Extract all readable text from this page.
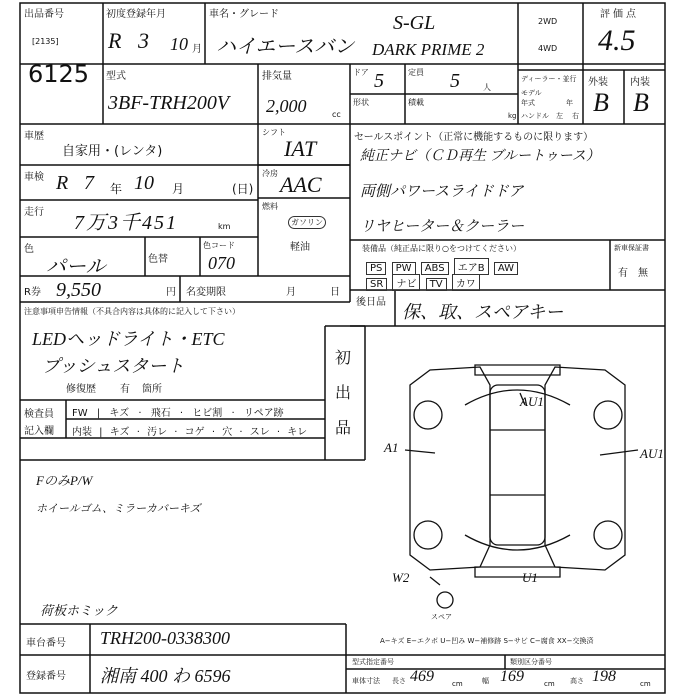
出品番号
[2135]
6125
初度登録年月
R 3 10 月
車名・グレード
ハイエースバン
S-GL
DARK PRIME 2
2WD
4WD
評価点
4.5
型式
3BF-TRH200V
排気量
2,000	cc
ドア 5	定員 5	人
形状	積載
kg
ディーラー・並行
モデル年式	年
ハンドル 左 右
外装 内装
B B
車歴
自家用・(レンタ)
車検 R 7 年 10 月	(日)
走行 7万3千451	km
色
パール	色替
色コード
070
R券 9,550	円 名変期限	月	日
シフト
IAT
冷房 AAC
燃料
ガソリン
軽油
セールスポイント（正常に機能するものに限ります）
純正ナビ（ＣＤ再生 ブルートゥース）
両側パワースライドドア
リヤヒーター＆クーラー
装備品（純正品に限り○をつけてください）
PS PW ABS エアB AW
SR ナビ TV カワ
新車保証書
有 無
後日品 保、取、スペアキー
注意事項申告情報（不具合内容は具体的に記入して下さい）
LEDヘッドライト・ETC
プッシュスタート
修復歴 有 箇所
初
出
品
検査員
記入欄
FW | キズ · 飛石 · ヒビ割 · リペア跡
内装 | キズ · 汚レ · コゲ · 穴 · スレ · キレ
FのみP/W
ホイールゴム、ミラーカバーキズ
荷板ホミック
AU1
A1	AU1
W2	U1
スペア
車台番号 TRH200-0338300
登録番号 湘南 400 わ 6596
A−キズ E−エクボ U−凹み W−補修跡 S−サビ C−腐食 XX−交換済
型式指定番号	類別区分番号
車体寸法 長さ 469	cm	幅 169	cm 高さ 198	cm
